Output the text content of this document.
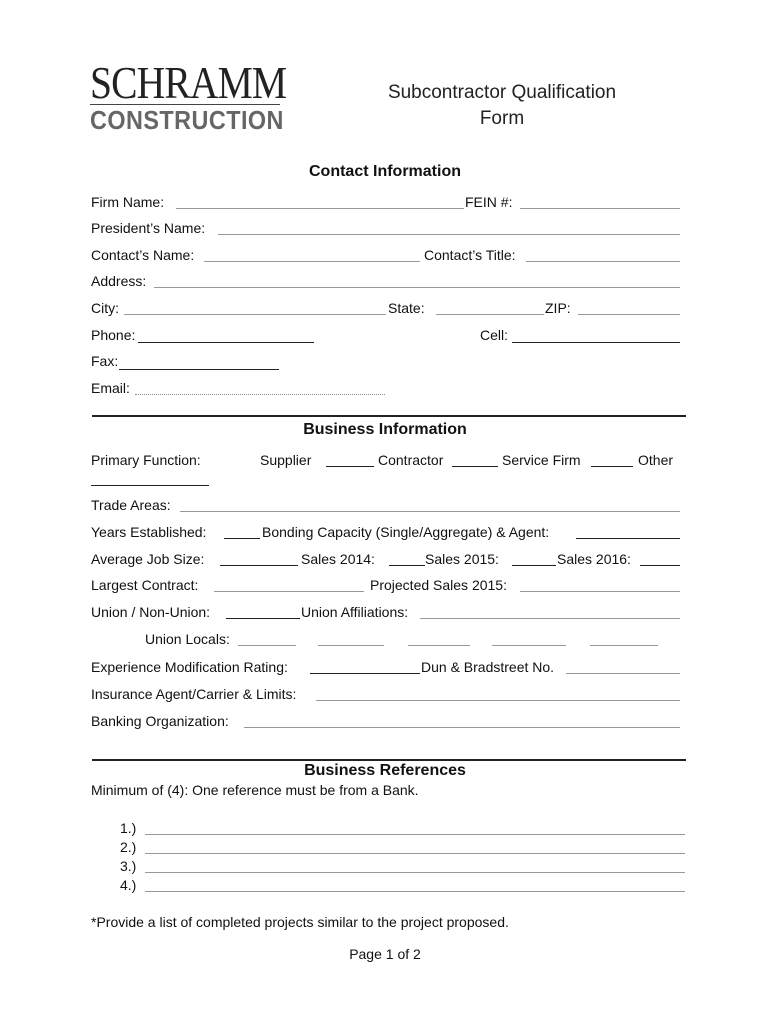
SCHRAMM
CONSTRUCTION
Subcontractor Qualification
Form
Contact Information
Firm Name:	FEIN #:
President’s Name:
Contact’s Name:	Contact’s Title:
Address:
City:	State:	ZIP:
Phone:	Cell:
Fax:
Email:
Business Information
Primary Function:	Supplier	Contractor	Service Firm	Other
Trade Areas:
Years Established:	Bonding Capacity (Single/Aggregate) & Agent:
Average Job Size:	Sales 2014:	Sales 2015:	Sales 2016:
Largest Contract:	Projected Sales 2015:
Union / Non-Union:	Union Affiliations:
Union Locals:
Experience Modification Rating:	Dun & Bradstreet No.
Insurance Agent/Carrier & Limits:
Banking Organization:
Business References
Minimum of (4): One reference must be from a Bank.
1.)
2.)
3.)
4.)
*Provide a list of completed projects similar to the project proposed.
Page 1 of 2
